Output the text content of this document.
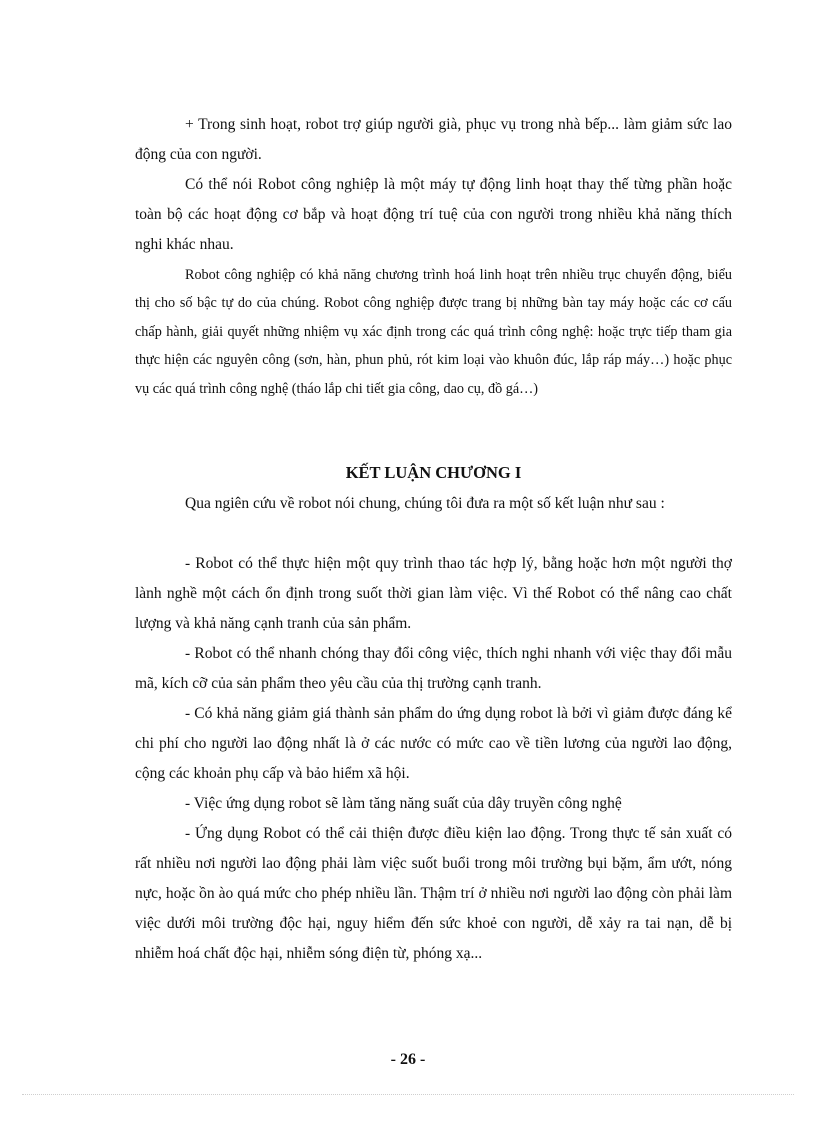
+ Trong sinh hoạt, robot trợ giúp người già, phục vụ trong nhà bếp... làm giảm sức lao động của con người.

Có thể nói Robot công nghiệp là một máy tự động linh hoạt thay thế từng phần hoặc toàn bộ các hoạt động cơ bắp và hoạt động trí tuệ của con người trong nhiều khả năng thích nghi khác nhau.

Robot công nghiệp có khả năng chương trình hoá linh hoạt trên nhiều trục chuyển động, biểu thị cho số bậc tự do của chúng. Robot công nghiệp được trang bị những bàn tay máy hoặc các cơ cấu chấp hành, giải quyết những nhiệm vụ xác định trong các quá trình công nghệ: hoặc trực tiếp tham gia thực hiện các nguyên công (sơn, hàn, phun phủ, rót kim loại vào khuôn đúc, lắp ráp máy…) hoặc phục vụ các quá trình công nghệ (tháo lắp chi tiết gia công, dao cụ, đồ gá…)

KẾT LUẬN CHƯƠNG I

Qua ngiên cứu về robot nói chung, chúng tôi đưa ra một số kết luận như sau :

- Robot có thể thực hiện một quy trình thao tác hợp lý, bằng hoặc hơn một người thợ lành nghề một cách ổn định trong suốt thời gian làm việc. Vì thế Robot có thể nâng cao chất lượng và khả năng cạnh tranh của sản phẩm.

- Robot có thể nhanh chóng thay đổi công việc, thích nghi nhanh với việc thay đổi mẫu mã, kích cỡ của sản phẩm theo yêu cầu của thị trường cạnh tranh.

- Có khả năng giảm giá thành sản phẩm do ứng dụng robot là bởi vì giảm được đáng kể chi phí cho người lao động nhất là ở các nước có mức cao về tiền lương của người lao động, cộng các khoản phụ cấp và bảo hiểm xã hội.

- Việc ứng dụng robot sẽ làm tăng năng suất của dây truyền công nghệ

- Ứng dụng Robot có thể cải thiện được điều kiện lao động. Trong thực tế sản xuất có rất nhiều nơi người lao động phải làm việc suốt buổi trong môi trường bụi bặm, ẩm ướt, nóng nực, hoặc ồn ào quá mức cho phép nhiều lần. Thậm trí ở nhiều nơi người lao động còn phải làm việc dưới môi trường độc hại, nguy hiểm đến sức khoẻ con người, dễ xảy ra tai nạn, dễ bị nhiễm hoá chất độc hại, nhiễm sóng điện từ, phóng xạ...

- 26 -
